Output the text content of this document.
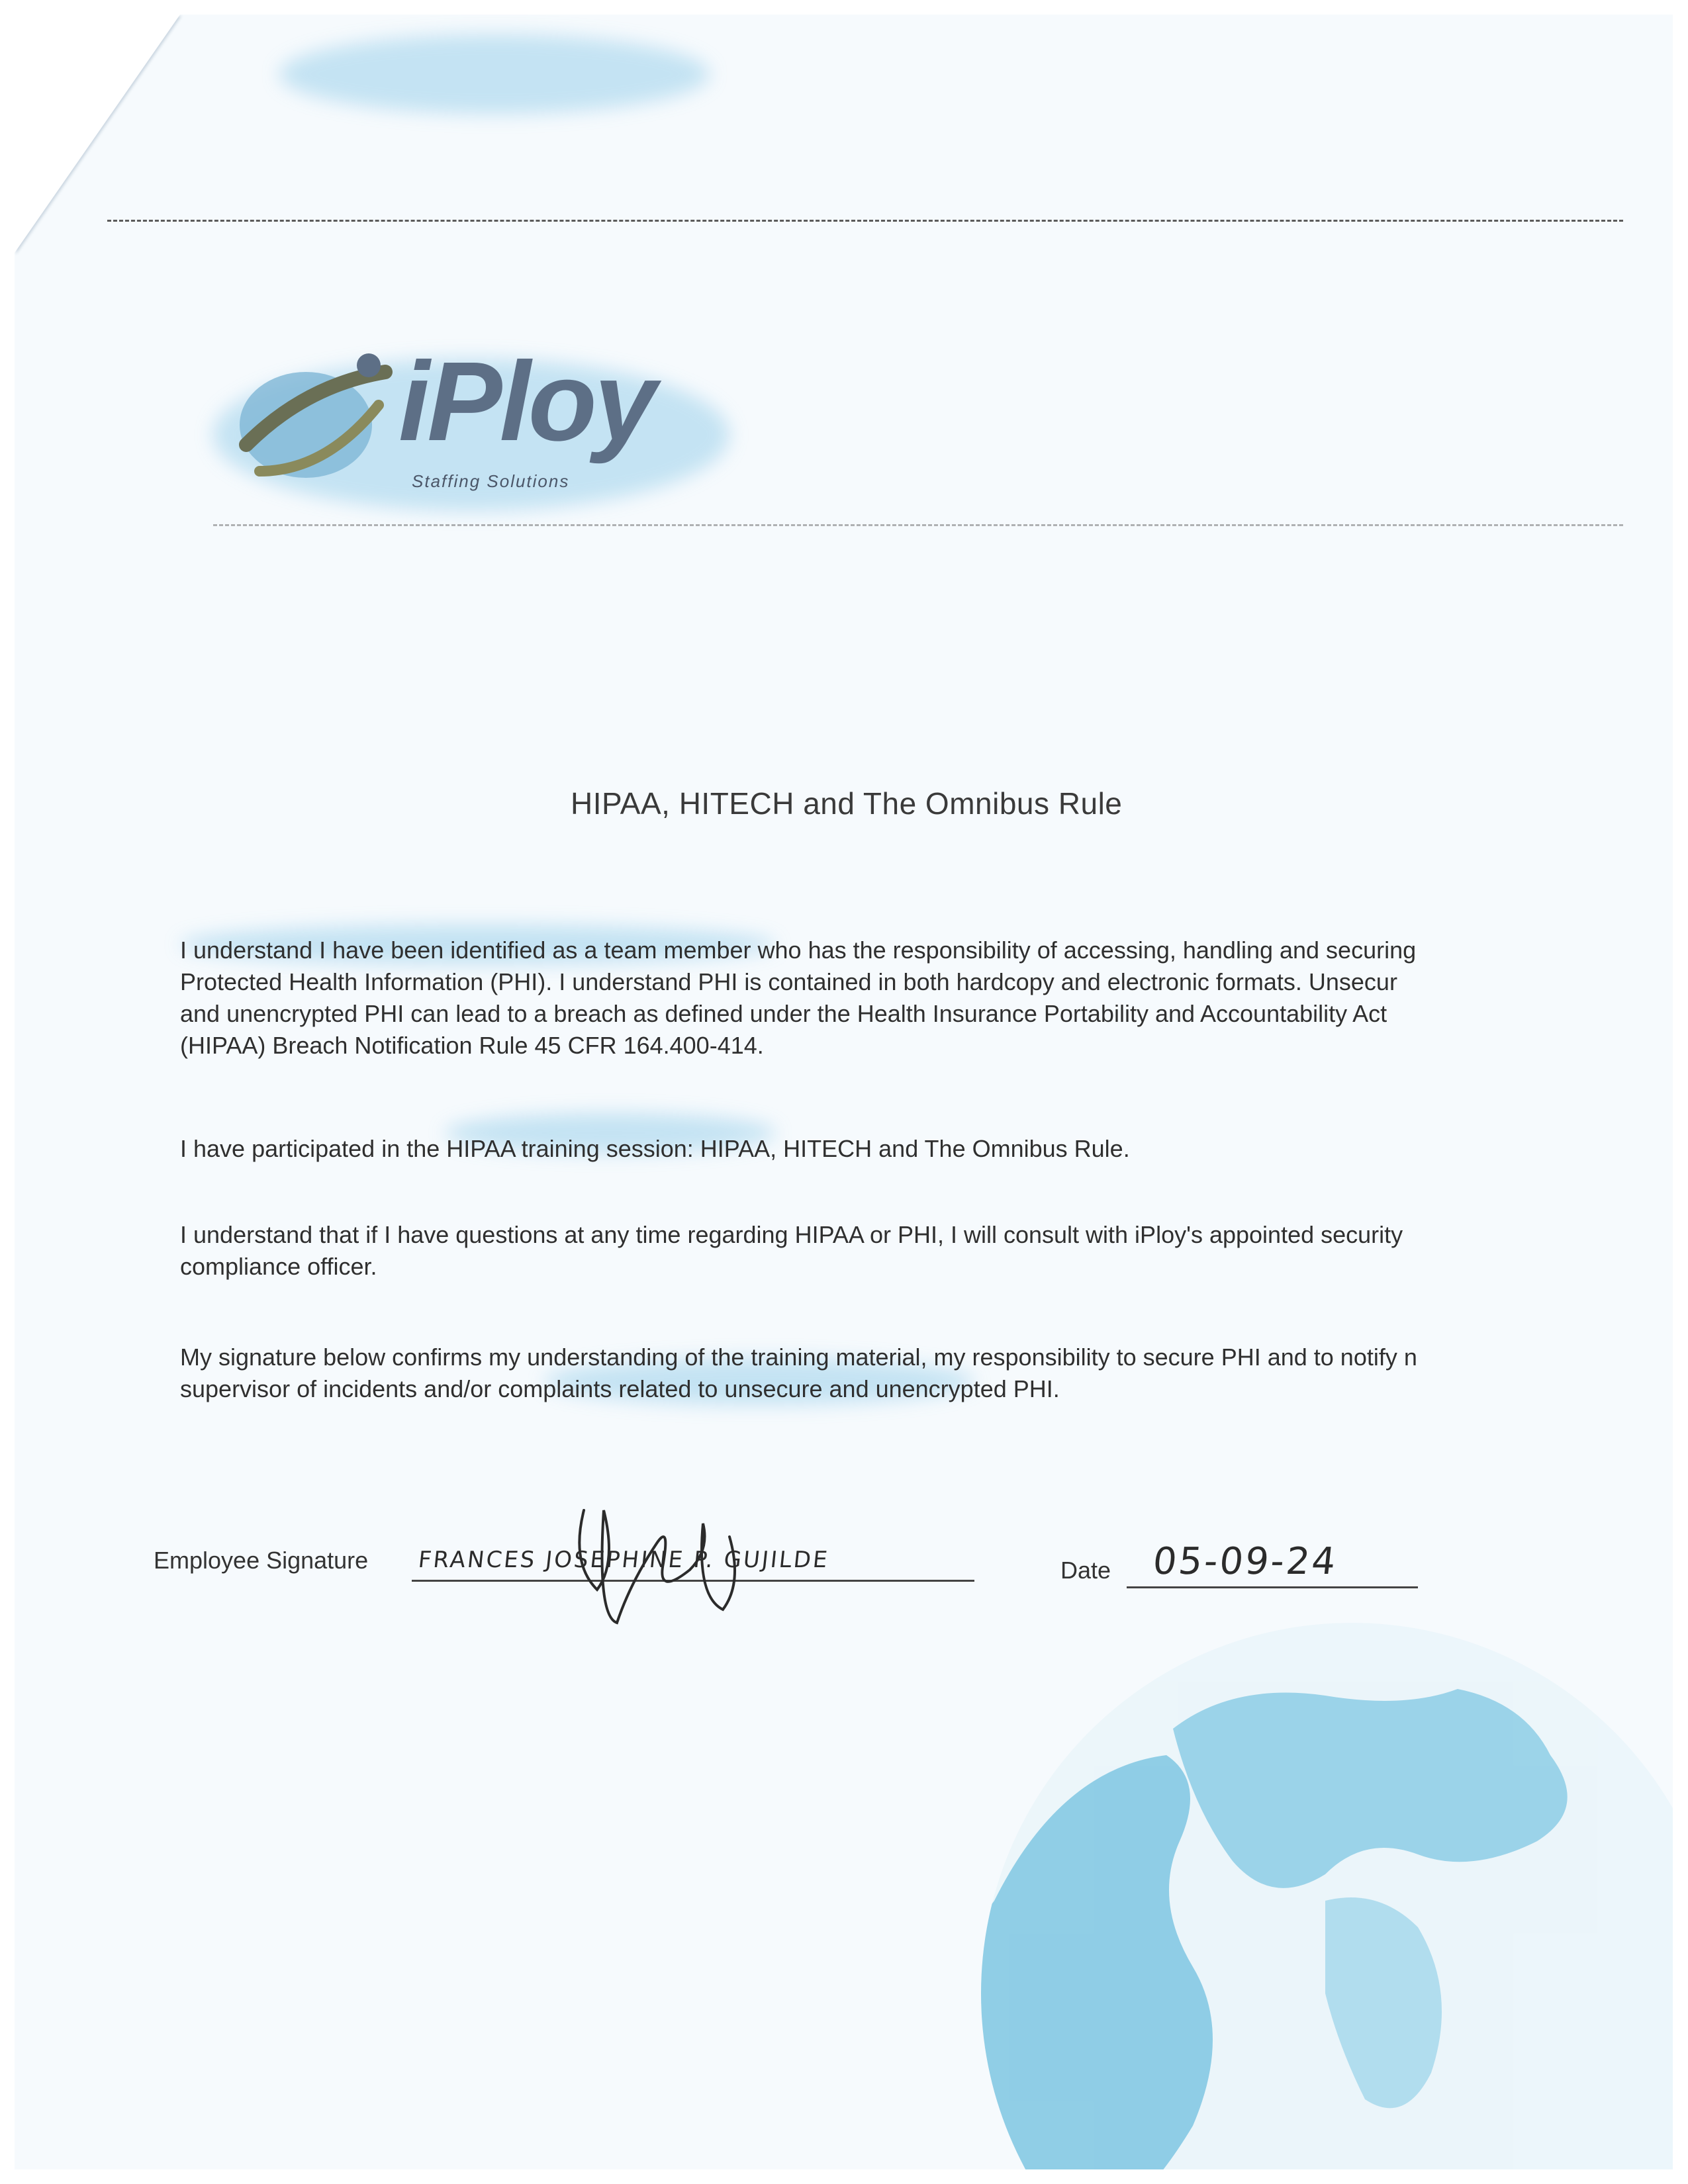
iPloy
Staffing Solutions
HIPAA, HITECH and The Omnibus Rule
I understand I have been identified as a team member who has the responsibility of accessing, handling and securing
Protected Health Information (PHI). I understand PHI is contained in both hardcopy and electronic formats. Unsecur
and unencrypted PHI can lead to a breach as defined under the Health Insurance Portability and Accountability Act
(HIPAA) Breach Notification Rule 45 CFR 164.400-414.
I have participated in the HIPAA training session: HIPAA, HITECH and The Omnibus Rule.
I understand that if I have questions at any time regarding HIPAA or PHI, I will consult with iPloy's appointed security
compliance officer.
My signature below confirms my understanding of the training material, my responsibility to secure PHI and to notify n
supervisor of incidents and/or complaints related to unsecure and unencrypted PHI.
Employee Signature FRANCES JOSEPHINE P. GUJILDE	Date 05-09-24
